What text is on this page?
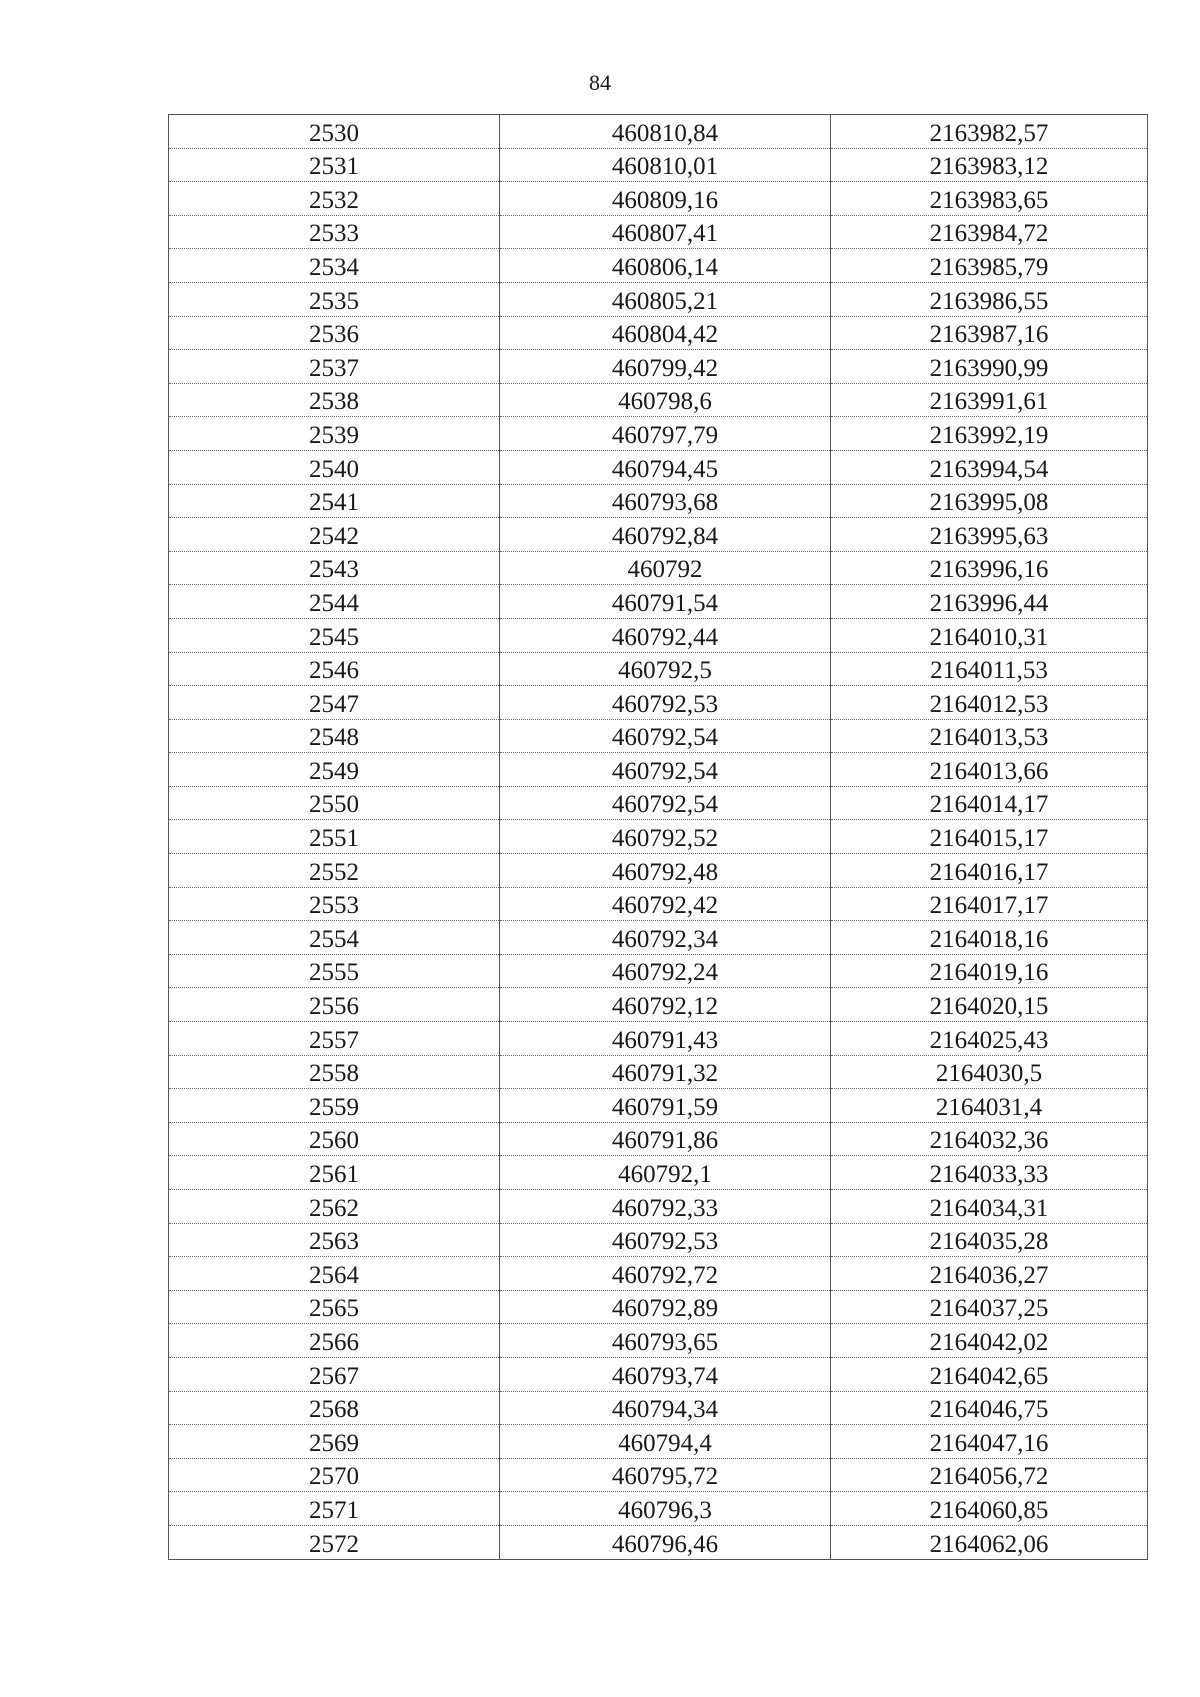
84
2530	460810,84	2163982,57
2531	460810,01	2163983,12
2532	460809,16	2163983,65
2533	460807,41	2163984,72
2534	460806,14	2163985,79
2535	460805,21	2163986,55
2536	460804,42	2163987,16
2537	460799,42	2163990,99
2538	460798,6	2163991,61
2539	460797,79	2163992,19
2540	460794,45	2163994,54
2541	460793,68	2163995,08
2542	460792,84	2163995,63
2543	460792	2163996,16
2544	460791,54	2163996,44
2545	460792,44	2164010,31
2546	460792,5	2164011,53
2547	460792,53	2164012,53
2548	460792,54	2164013,53
2549	460792,54	2164013,66
2550	460792,54	2164014,17
2551	460792,52	2164015,17
2552	460792,48	2164016,17
2553	460792,42	2164017,17
2554	460792,34	2164018,16
2555	460792,24	2164019,16
2556	460792,12	2164020,15
2557	460791,43	2164025,43
2558	460791,32	2164030,5
2559	460791,59	2164031,4
2560	460791,86	2164032,36
2561	460792,1	2164033,33
2562	460792,33	2164034,31
2563	460792,53	2164035,28
2564	460792,72	2164036,27
2565	460792,89	2164037,25
2566	460793,65	2164042,02
2567	460793,74	2164042,65
2568	460794,34	2164046,75
2569	460794,4	2164047,16
2570	460795,72	2164056,72
2571	460796,3	2164060,85
2572	460796,46	2164062,06
